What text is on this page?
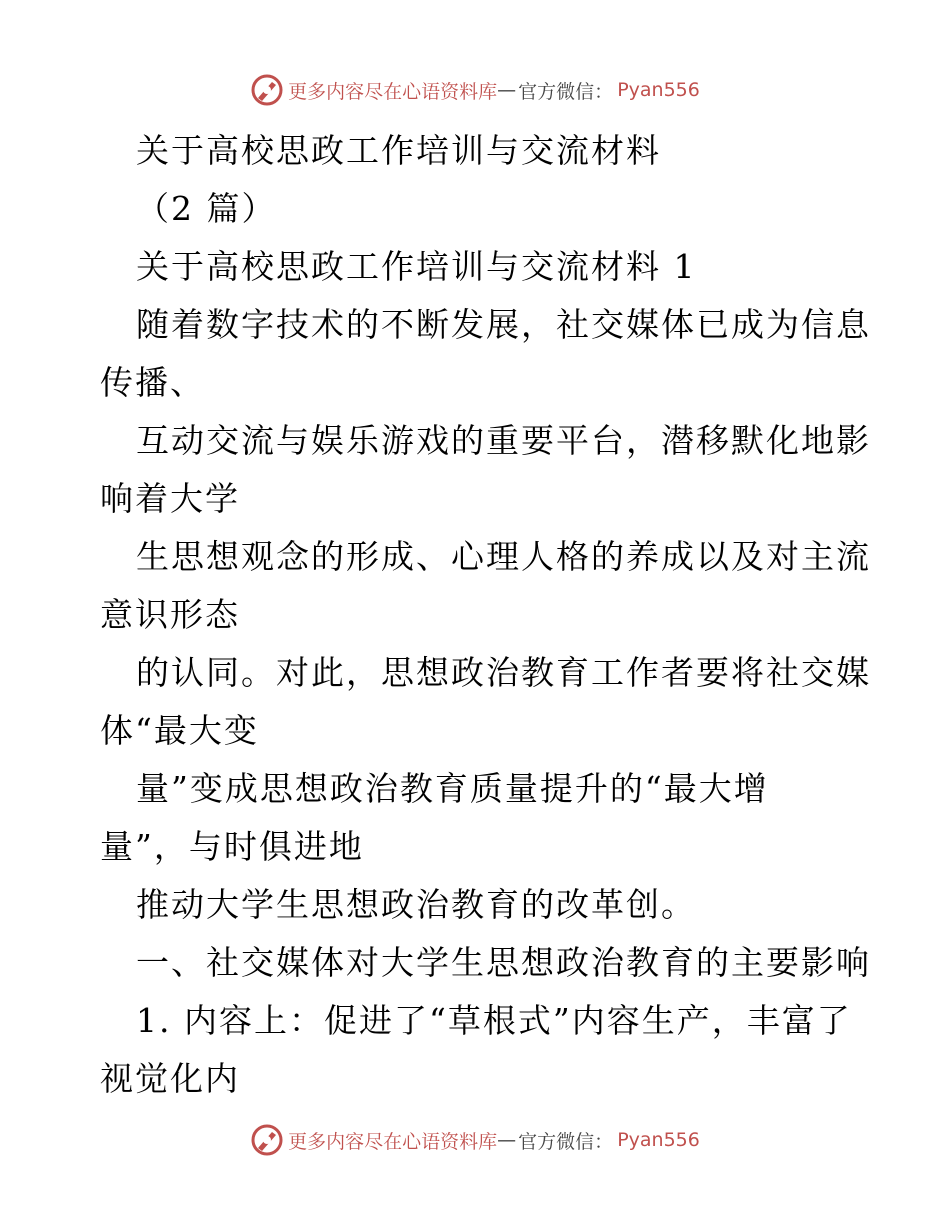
更多内容尽在心语资料库 — 官方微信： Pyan556
关于高校思政工作培训与交流材料
（2 篇）
关于高校思政工作培训与交流材料 1
随着数字技术的不断发展，社交媒体已成为信息
传播、
互动交流与娱乐游戏的重要平台，潜移默化地影
响着大学
生思想观念的形成、心理人格的养成以及对主流
意识形态
的认同。对此，思想政治教育工作者要将社交媒
体“最大变
量”变成思想政治教育质量提升的“最大增
量”，与时俱进地
推动大学生思想政治教育的改革创。
一、社交媒体对大学生思想政治教育的主要影响
1. 内容上：促进了“草根式”内容生产，丰富了
视觉化内
更多内容尽在心语资料库 — 官方微信： Pyan556
